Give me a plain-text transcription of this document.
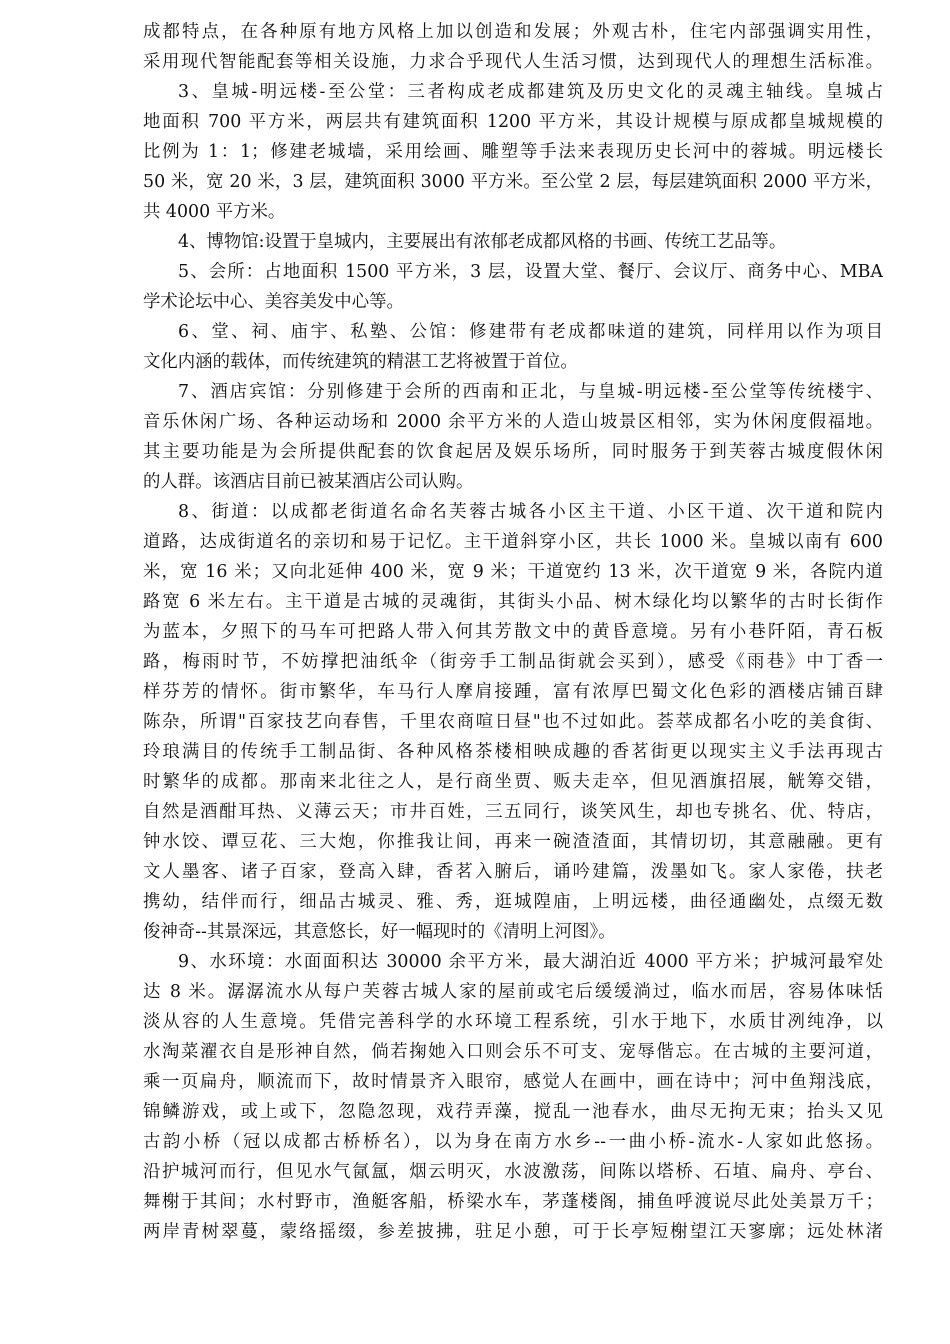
成都特点，在各种原有地方风格上加以创造和发展；外观古朴，住宅内部强调实用性，

采用现代智能配套等相关设施，力求合乎现代人生活习惯，达到现代人的理想生活标准。

3、皇城-明远楼-至公堂：三者构成老成都建筑及历史文化的灵魂主轴线。皇城占

地面积 700 平方米，两层共有建筑面积 1200 平方米，其设计规模与原成都皇城规模的

比例为 1：1；修建老城墙，采用绘画、雕塑等手法来表现历史长河中的蓉城。明远楼长

50 米，宽 20 米，3 层，建筑面积 3000 平方米。至公堂 2 层，每层建筑面积 2000 平方米，

共 4000 平方米。

4、博物馆:设置于皇城内，主要展出有浓郁老成都风格的书画、传统工艺品等。

5、会所：占地面积 1500 平方米，3 层，设置大堂、餐厅、会议厅、商务中心、MBA

学术论坛中心、美容美发中心等。

6、堂、祠、庙宇、私塾、公馆：修建带有老成都味道的建筑，同样用以作为项目

文化内涵的载体，而传统建筑的精湛工艺将被置于首位。

7、酒店宾馆：分别修建于会所的西南和正北，与皇城-明远楼-至公堂等传统楼宇、

音乐休闲广场、各种运动场和 2000 余平方米的人造山坡景区相邻，实为休闲度假福地。

其主要功能是为会所提供配套的饮食起居及娱乐场所，同时服务于到芙蓉古城度假休闲

的人群。该酒店目前已被某酒店公司认购。

8、街道：以成都老街道名命名芙蓉古城各小区主干道、小区干道、次干道和院内

道路，达成街道名的亲切和易于记忆。主干道斜穿小区，共长 1000 米。皇城以南有 600

米，宽 16 米；又向北延伸 400 米，宽 9 米；干道宽约 13 米，次干道宽 9 米，各院内道

路宽 6 米左右。主干道是古城的灵魂街，其街头小品、树木绿化均以繁华的古时长街作

为蓝本，夕照下的马车可把路人带入何其芳散文中的黄昏意境。另有小巷阡陌，青石板

路，梅雨时节，不妨撑把油纸伞（街旁手工制品街就会买到），感受《雨巷》中丁香一

样芬芳的情怀。街市繁华，车马行人摩肩接踵，富有浓厚巴蜀文化色彩的酒楼店铺百肆

陈杂，所谓"百家技艺向春售，千里农商喧日昼"也不过如此。荟萃成都名小吃的美食街、

玲琅满目的传统手工制品街、各种风格茶楼相映成趣的香茗街更以现实主义手法再现古

时繁华的成都。那南来北往之人，是行商坐贾、贩夫走卒，但见酒旗招展，觥筹交错，

自然是酒酣耳热、义薄云天；市井百姓，三五同行，谈笑风生，却也专挑名、优、特店，

钟水饺、谭豆花、三大炮，你推我让间，再来一碗渣渣面，其情切切，其意融融。更有

文人墨客、诸子百家，登高入肆，香茗入腑后，诵吟建篇，泼墨如飞。家人家倦，扶老

携幼，结伴而行，细品古城灵、雅、秀，逛城隍庙，上明远楼，曲径通幽处，点缀无数

俊神奇--其景深远，其意悠长，好一幅现时的《清明上河图》。

9、水环境：水面面积达 30000 余平方米，最大湖泊近 4000 平方米；护城河最窄处

达 8 米。潺潺流水从每户芙蓉古城人家的屋前或宅后缓缓淌过，临水而居，容易体味恬

淡从容的人生意境。凭借完善科学的水环境工程系统，引水于地下，水质甘冽纯净，以

水淘菜濯衣自是形神自然，倘若掬她入口则会乐不可支、宠辱偕忘。在古城的主要河道，

乘一页扁舟，顺流而下，故时情景齐入眼帘，感觉人在画中，画在诗中；河中鱼翔浅底，

锦鳞游戏，或上或下，忽隐忽现，戏荇弄藻，搅乱一池春水，曲尽无拘无束；抬头又见

古韵小桥（冠以成都古桥桥名），以为身在南方水乡--一曲小桥-流水-人家如此悠扬。

沿护城河而行，但见水气氤氲，烟云明灭，水波激荡，间陈以塔桥、石埴、扁舟、亭台、

舞榭于其间；水村野市，渔艇客船，桥梁水车，茅蓬楼阁，捕鱼呼渡说尽此处美景万千；

两岸青树翠蔓，蒙络摇缀，参差披拂，驻足小憩，可于长亭短榭望江天寥廓；远处林渚
